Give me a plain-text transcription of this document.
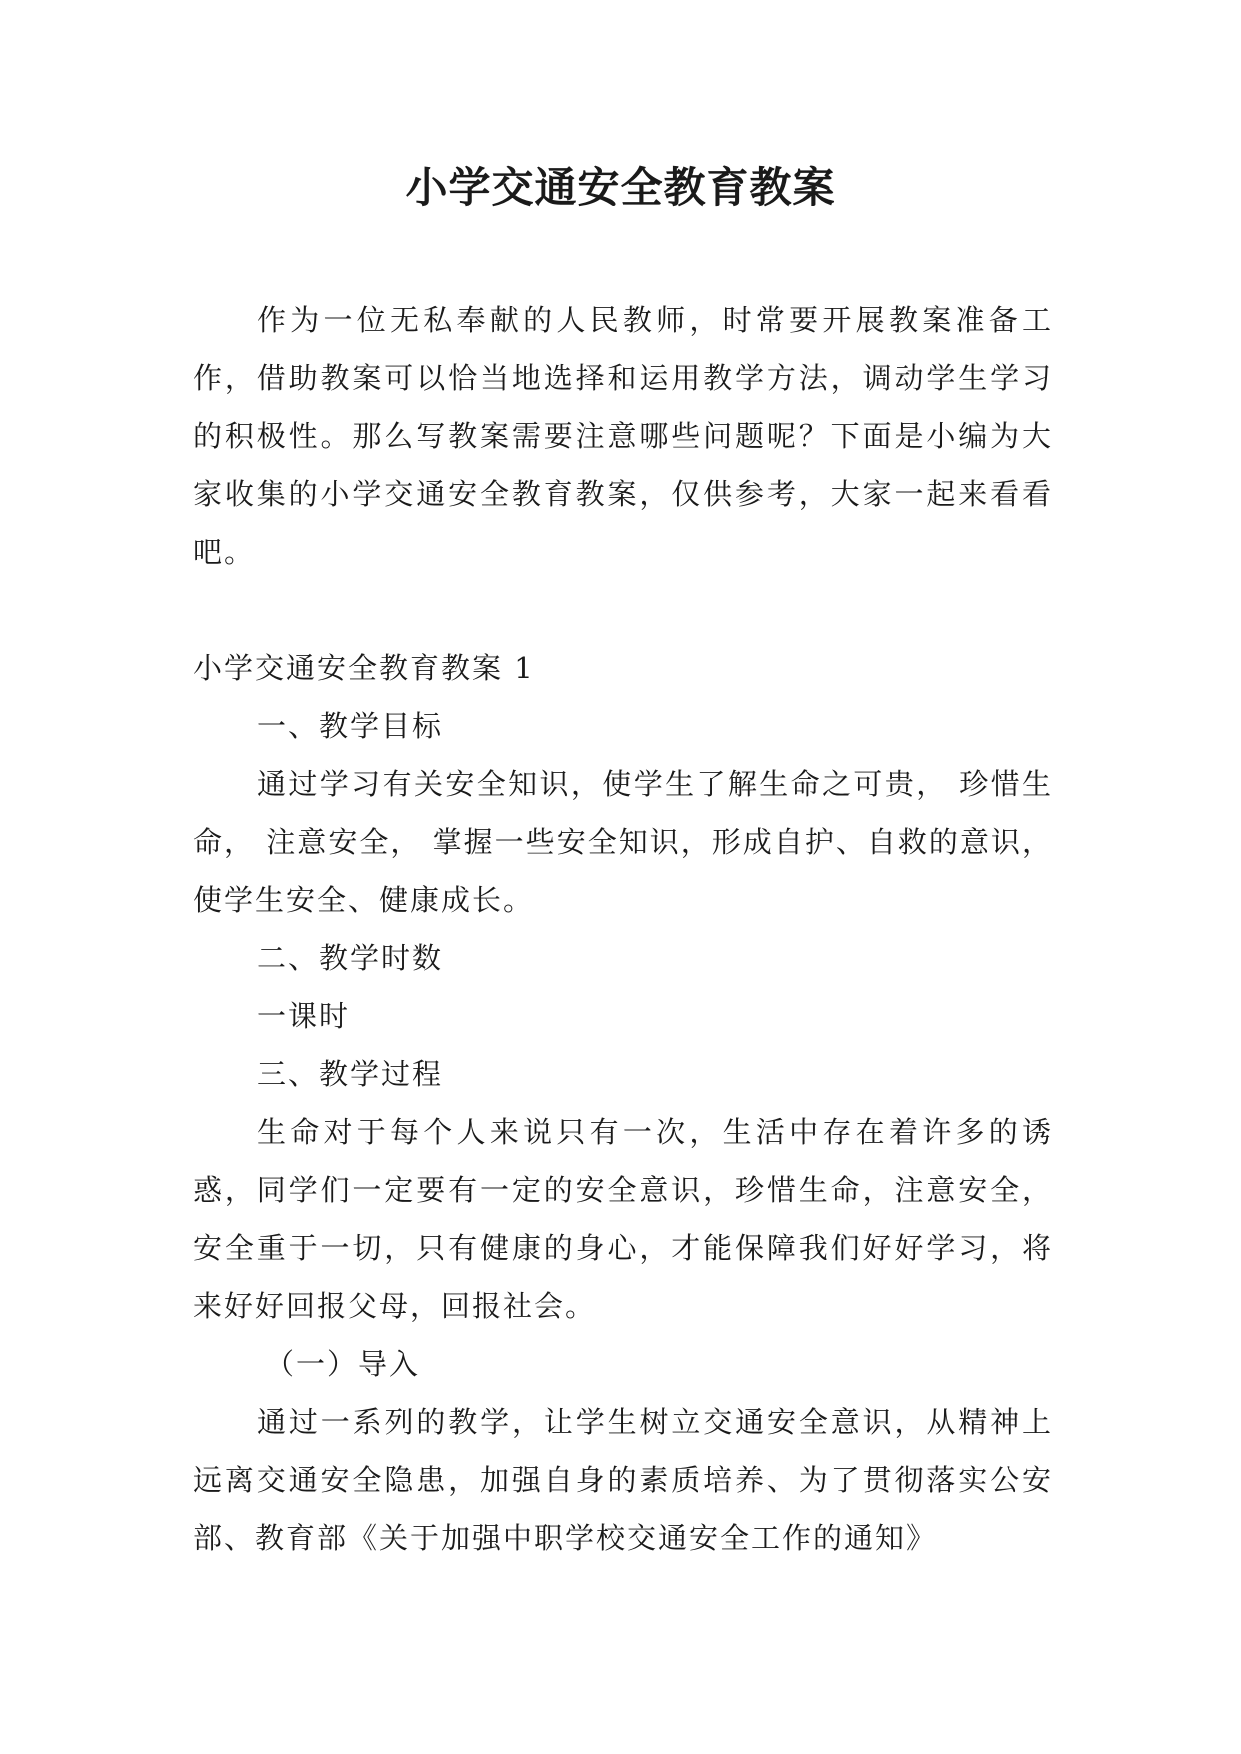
小学交通安全教育教案

作为一位无私奉献的人民教师，时常要开展教案准备工作，借助教案可以恰当地选择和运用教学方法，调动学生学习的积极性。那么写教案需要注意哪些问题呢？下面是小编为大家收集的小学交通安全教育教案，仅供参考，大家一起来看看吧。

小学交通安全教育教案 1

一、教学目标

通过学习有关安全知识，使学生了解生命之可贵， 珍惜生命， 注意安全， 掌握一些安全知识，形成自护、自救的意识，使学生安全、健康成长。

二、教学时数

一课时

三、教学过程

生命对于每个人来说只有一次，生活中存在着许多的诱惑，同学们一定要有一定的安全意识，珍惜生命，注意安全，安全重于一切，只有健康的身心，才能保障我们好好学习，将来好好回报父母，回报社会。

（一）导入

通过一系列的教学，让学生树立交通安全意识，从精神上远离交通安全隐患，加强自身的素质培养、为了贯彻落实公安部、教育部《关于加强中职学校交通安全工作的通知》
